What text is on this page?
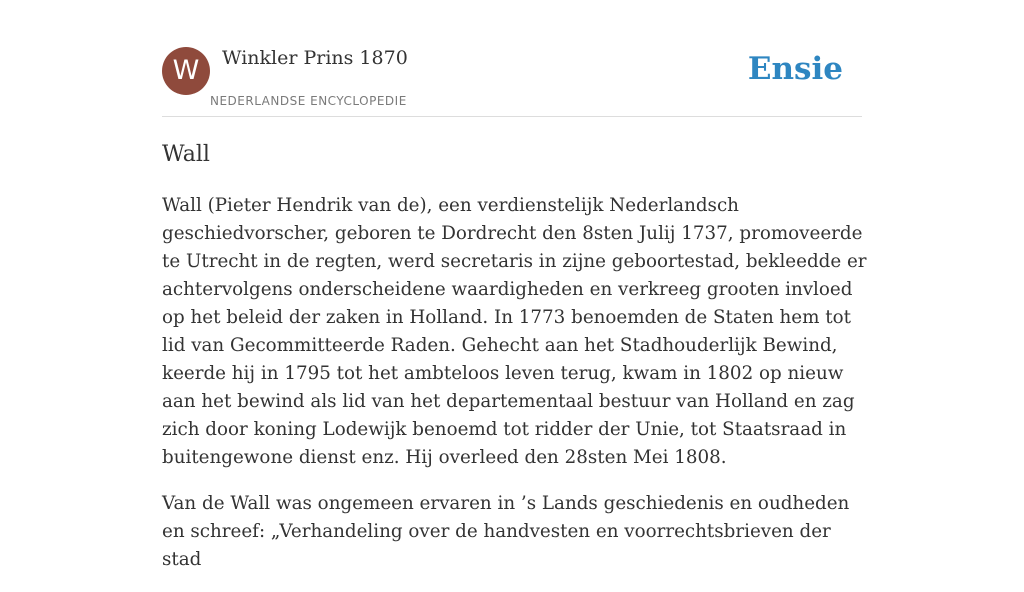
W	Winkler Prins 1870
NEDERLANDSE ENCYCLOPEDIE
Ensie
Wall

Wall (Pieter Hendrik van de), een verdienstelijk Nederlandsch geschiedvorscher, geboren te Dordrecht den 8sten Julij 1737, promoveerde te Utrecht in de regten, werd secretaris in zijne geboortestad, bekleedde er achtervolgens onderscheidene waardigheden en verkreeg grooten invloed op het beleid der zaken in Holland. In 1773 benoemden de Staten hem tot lid van Gecommitteerde Raden. Gehecht aan het Stadhouderlijk Bewind, keerde hij in 1795 tot het ambteloos leven terug, kwam in 1802 op nieuw aan het bewind als lid van het departementaal bestuur van Holland en zag zich door koning Lodewijk benoemd tot ridder der Unie, tot Staatsraad in buitengewone dienst enz. Hij overleed den 28sten Mei 1808.

Van de Wall was ongemeen ervaren in ’s Lands geschiedenis en oudheden en schreef: „Verhandeling over de handvesten en voorrechtsbrieven der stad
